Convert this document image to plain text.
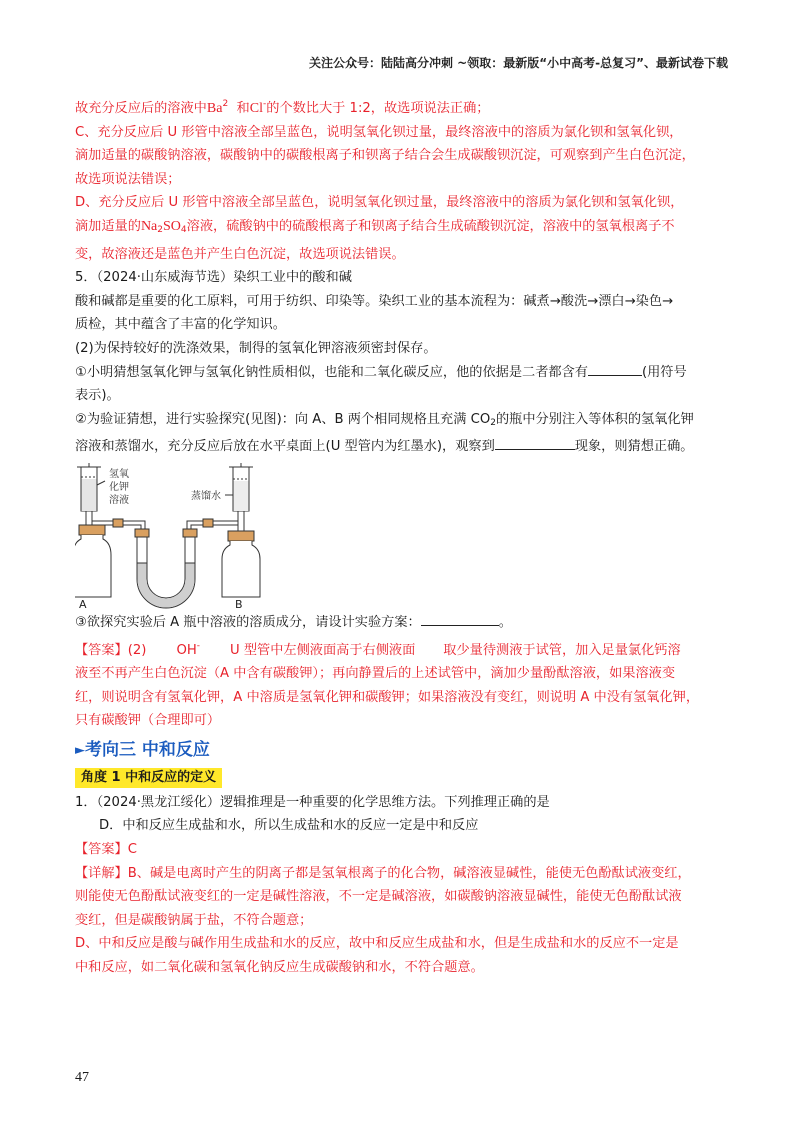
关注公众号：陆陆高分冲刺 ~领取：最新版“小中高考-总复习”、最新试卷下载

故充分反应后的溶液中Ba$^2$  和Cl-的个数比大于 1:2，故选项说法正确；

C、充分反应后 U 形管中溶液全部呈蓝色，说明氢氧化钡过量，最终溶液中的溶质为氯化钡和氢氧化钡，

滴加适量的碳酸钠溶液，碳酸钠中的碳酸根离子和钡离子结合会生成碳酸钡沉淀，可观察到产生白色沉淀，

故选项说法错误；

D、充分反应后 U 形管中溶液全部呈蓝色，说明氢氧化钡过量，最终溶液中的溶质为氯化钡和氢氧化钡，

滴加适量的$Na_2SO_4$溶液，硫酸钠中的硫酸根离子和钡离子结合生成硫酸钡沉淀，溶液中的氢氧根离子不

变，故溶液还是蓝色并产生白色沉淀，故选项说法错误。

5．（2024·山东威海节选）染织工业中的酸和碱

酸和碱都是重要的化工原料，可用于纺织、印染等。染织工业的基本流程为：碱煮→酸洗→漂白→染色→

质检，其中蕴含了丰富的化学知识。

(2)为保持较好的洗涤效果，制得的氢氧化钾溶液须密封保存。

①小明猜想氢氧化钾与氢氧化钠性质相似，也能和二氧化碳反应，他的依据是二者都含有	(用符号

表示)。

②为验证猜想，进行实验探究(见图)：向 A、B 两个相同规格且充满 $CO_2$的瓶中分别注入等体积的氢氧化钾

溶液和蒸馏水，充分反应后放在水平桌面上(U 型管内为红墨水)，观察到	现象，则猜想正确。

氢氧
化钾
溶液	蒸馏水
A	B

③欲探究实验后 A 瓶中溶液的溶质成分，请设计实验方案：	。

【答案】(2) OH- U 型管中左侧液面高于右侧液面 取少量待测液于试管，加入足量氯化钙溶

液至不再产生白色沉淀（A 中含有碳酸钾）；再向静置后的上述试管中，滴加少量酚酞溶液，如果溶液变

红，则说明含有氢氧化钾，A 中溶质是氢氧化钾和碳酸钾；如果溶液没有变红，则说明 A 中没有氢氧化钾，

只有碳酸钾（合理即可）

►考向三 中和反应
角度 1 中和反应的定义

1．（2024·黑龙江绥化）逻辑推理是一种重要的化学思维方法。下列推理正确的是

D．中和反应生成盐和水，所以生成盐和水的反应一定是中和反应

【答案】C

【详解】B、碱是电离时产生的阴离子都是氢氧根离子的化合物，碱溶液显碱性，能使无色酚酞试液变红，

则能使无色酚酞试液变红的一定是碱性溶液，不一定是碱溶液，如碳酸钠溶液显碱性，能使无色酚酞试液

变红，但是碳酸钠属于盐，不符合题意；

D、中和反应是酸与碱作用生成盐和水的反应，故中和反应生成盐和水，但是生成盐和水的反应不一定是

中和反应，如二氧化碳和氢氧化钠反应生成碳酸钠和水，不符合题意。

47
